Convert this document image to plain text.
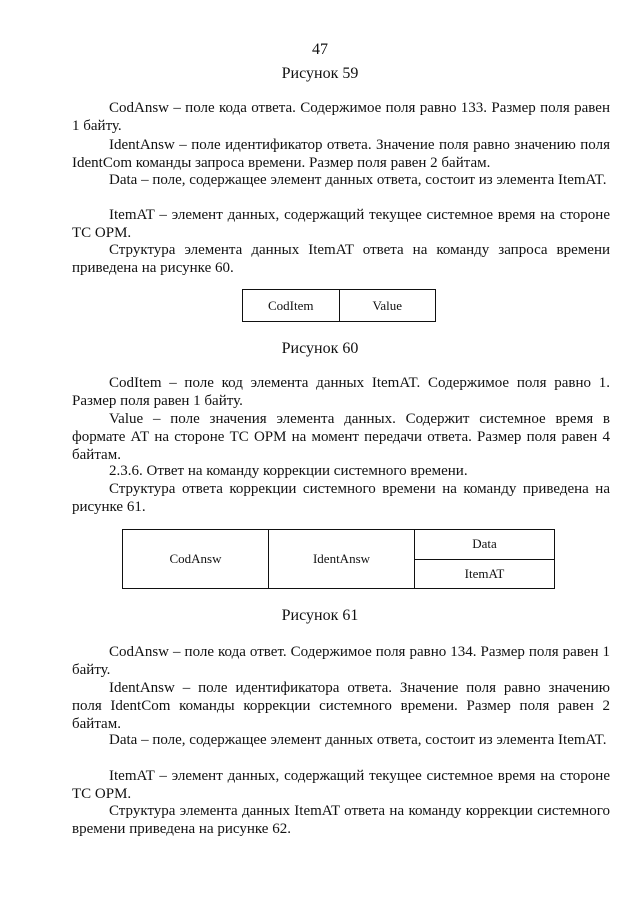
47
Рисунок 59
CodAnsw – поле кода ответа. Содержимое поля равно 133. Размер поля равен 1 байту.
IdentAnsw – поле идентификатор ответа. Значение поля равно значению поля IdentCom команды запроса времени. Размер поля равен 2 байтам.
Data – поле, содержащее элемент данных ответа, состоит из элемента ItemAT.
ItemAT – элемент данных, содержащий текущее системное время на стороне ТС ОРМ.
Структура элемента данных ItemAT ответа на команду запроса времени приведена на рисунке 60.
CodItem	Value
Рисунок 60
CodItem – поле код элемента данных ItemAT. Содержимое поля равно 1. Размер поля равен 1 байту.
Value – поле значения элемента данных. Содержит системное время в формате АТ на стороне ТС ОРМ на момент передачи ответа. Размер поля равен 4 байтам.
2.3.6. Ответ на команду коррекции системного времени.
Структура ответа коррекции системного времени на команду приведена на рисунке 61.
CodAnsw	IdentAnsw	Data
ItemAT
Рисунок 61
CodAnsw – поле кода ответ. Содержимое поля равно 134. Размер поля равен 1 байту.
IdentAnsw – поле идентификатора ответа. Значение поля равно значению поля IdentCom команды коррекции системного времени. Размер поля равен 2 байтам.
Data – поле, содержащее элемент данных ответа, состоит из элемента ItemAT.
ItemAT – элемент данных, содержащий текущее системное время на стороне ТС ОРМ.
Структура элемента данных ItemAT ответа на команду коррекции системного времени приведена на рисунке 62.
